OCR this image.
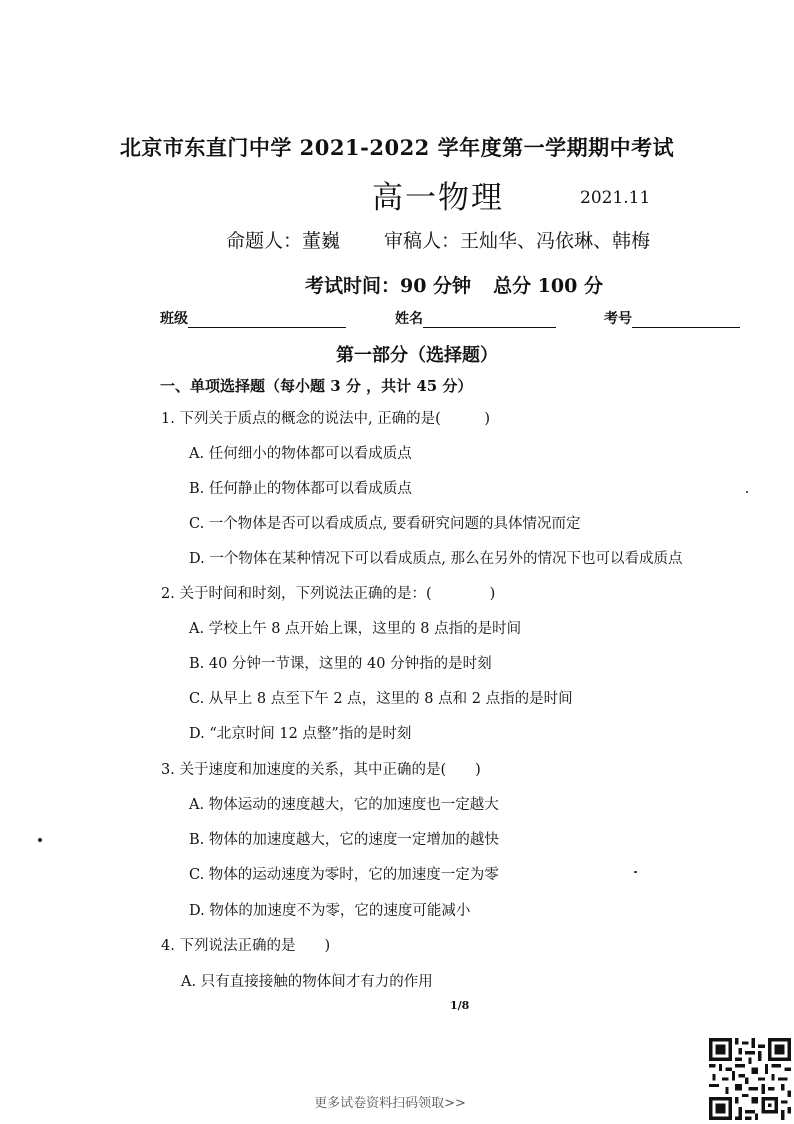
北京市东直门中学 2021-2022 学年度第一学期期中考试
高一物理	2021.11
命题人：董巍 审稿人：王灿华、冯依琳、韩梅
考试时间：90 分钟 总分 100 分
班级	姓名	考号
第一部分（选择题）
一、单项选择题（每小题 3 分 ，共计 45 分）
1. 下列关于质点的概念的说法中, 正确的是(　　　)
A. 任何细小的物体都可以看成质点
B. 任何静止的物体都可以看成质点
C. 一个物体是否可以看成质点, 要看研究问题的具体情况而定
D. 一个物体在某种情况下可以看成质点, 那么在另外的情况下也可以看成质点
2. 关于时间和时刻，下列说法正确的是：(　　　　)
A. 学校上午 8 点开始上课，这里的 8 点指的是时间
B. 40 分钟一节课，这里的 40 分钟指的是时刻
C. 从早上 8 点至下午 2 点，这里的 8 点和 2 点指的是时间
D. “北京时间 12 点整”指的是时刻
3. 关于速度和加速度的关系，其中正确的是(　　)
A. 物体运动的速度越大，它的加速度也一定越大
B. 物体的加速度越大，它的速度一定增加的越快
C. 物体的运动速度为零时，它的加速度一定为零
D. 物体的加速度不为零，它的速度可能减小
4. 下列说法正确的是　　)
A. 只有直接接触的物体间才有力的作用
1/8
更多试卷资料扫码领取>>
